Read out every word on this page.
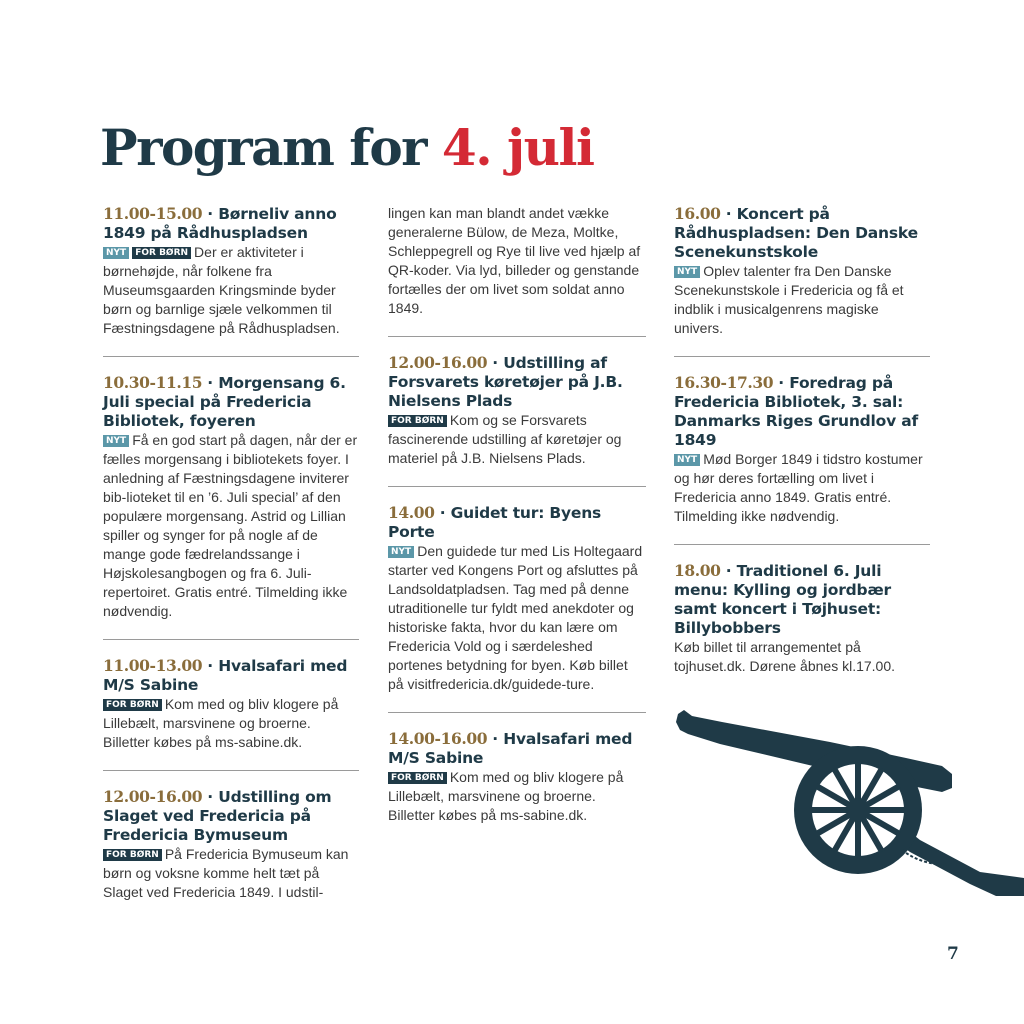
Program for 4. juli
11.00-15.00 · Børneliv anno 1849 på Rådhuspladsen
NYT FOR BØRN Der er aktiviteter i børnehøjde, når folkene fra Museumsgaarden Kringsminde byder børn og barnlige sjæle velkommen til Fæstningsdagene på Rådhuspladsen.
10.30-11.15 · Morgensang 6. Juli special på Fredericia Bibliotek, foyeren
NYT Få en god start på dagen, når der er fælles morgensang i bibliotekets foyer. I anledning af Fæstningsdagene inviterer bib-lioteket til en ’6. Juli special’ af den populære morgensang. Astrid og Lillian spiller og synger for på nogle af de mange gode fædrelandssange i Højskolesangbogen og fra 6. Juli-repertoiret. Gratis entré. Tilmelding ikke nødvendig.
11.00-13.00 · Hvalsafari med M/S Sabine
FOR BØRN Kom med og bliv klogere på Lillebælt, marsvinene og broerne. Billetter købes på ms-sabine.dk.
12.00-16.00 · Udstilling om Slaget ved Fredericia på Fredericia Bymuseum
FOR BØRN På Fredericia Bymuseum kan børn og voksne komme helt tæt på Slaget ved Fredericia 1849. I udstil-
lingen kan man blandt andet vække generalerne Bülow, de Meza, Moltke, Schleppegrell og Rye til live ved hjælp af QR-koder. Via lyd, billeder og genstande fortælles der om livet som soldat anno 1849.
12.00-16.00 · Udstilling af Forsvarets køretøjer på J.B. Nielsens Plads
FOR BØRN Kom og se Forsvarets fascinerende udstilling af køretøjer og materiel på J.B. Nielsens Plads.
14.00 · Guidet tur: Byens Porte
NYT Den guidede tur med Lis Holtegaard starter ved Kongens Port og afsluttes på Landsoldatpladsen. Tag med på denne utraditionelle tur fyldt med anekdoter og historiske fakta, hvor du kan lære om Fredericia Vold og i særdeleshed portenes betydning for byen. Køb billet på visitfredericia.dk/guidede-ture.
14.00-16.00 · Hvalsafari med M/S Sabine
FOR BØRN Kom med og bliv klogere på Lillebælt, marsvinene og broerne. Billetter købes på ms-sabine.dk.
16.00 · Koncert på Rådhuspladsen: Den Danske Scenekunstskole
NYT Oplev talenter fra Den Danske Scenekunstskole i Fredericia og få et indblik i musicalgenrens magiske univers.
16.30-17.30 · Foredrag på Fredericia Bibliotek, 3. sal: Danmarks Riges Grundlov af 1849
NYT Mød Borger 1849 i tidstro kostumer og hør deres fortælling om livet i Fredericia anno 1849. Gratis entré. Tilmelding ikke nødvendig.
18.00 · Traditionel 6. Juli menu: Kylling og jordbær samt koncert i Tøjhuset: Billybobbers
Køb billet til arrangementet på tojhuset.dk. Dørene åbnes kl.17.00.
7
